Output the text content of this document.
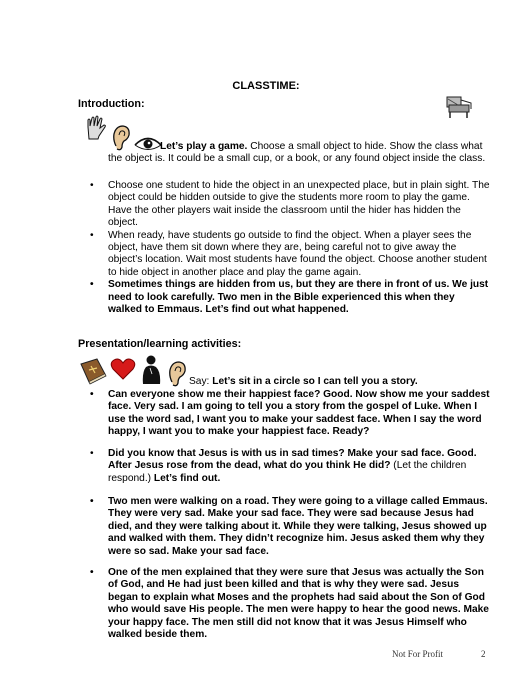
CLASSTIME:
Introduction:
Let’s play a game. Choose a small object to hide. Show the class what the object is. It could be a small cup, or a book, or any found object inside the class.
• Choose one student to hide the object in an unexpected place, but in plain sight. The object could be hidden outside to give the students more room to play the game. Have the other players wait inside the classroom until the hider has hidden the object.
• When ready, have students go outside to find the object. When a player sees the object, have them sit down where they are, being careful not to give away the object’s location. Wait most students have found the object. Choose another student to hide object in another place and play the game again.
• Sometimes things are hidden from us, but they are there in front of us. We just need to look carefully. Two men in the Bible experienced this when they walked to Emmaus. Let’s find out what happened.
Presentation/learning activities:
Say: Let’s sit in a circle so I can tell you a story.
• Can everyone show me their happiest face? Good. Now show me your saddest face. Very sad. I am going to tell you a story from the gospel of Luke. When I use the word sad, I want you to make your saddest face. When I say the word happy, I want you to make your happiest face. Ready?
• Did you know that Jesus is with us in sad times? Make your sad face. Good. After Jesus rose from the dead, what do you think He did? (Let the children respond.) Let’s find out.
• Two men were walking on a road. They were going to a village called Emmaus. They were very sad. Make your sad face. They were sad because Jesus had died, and they were talking about it. While they were talking, Jesus showed up and walked with them. They didn’t recognize him. Jesus asked them why they were so sad. Make your sad face.
• One of the men explained that they were sure that Jesus was actually the Son of God, and He had just been killed and that is why they were sad. Jesus began to explain what Moses and the prophets had said about the Son of God who would save His people. The men were happy to hear the good news. Make your happy face. The men still did not know that it was Jesus Himself who walked beside them.
Not For Profit	2
